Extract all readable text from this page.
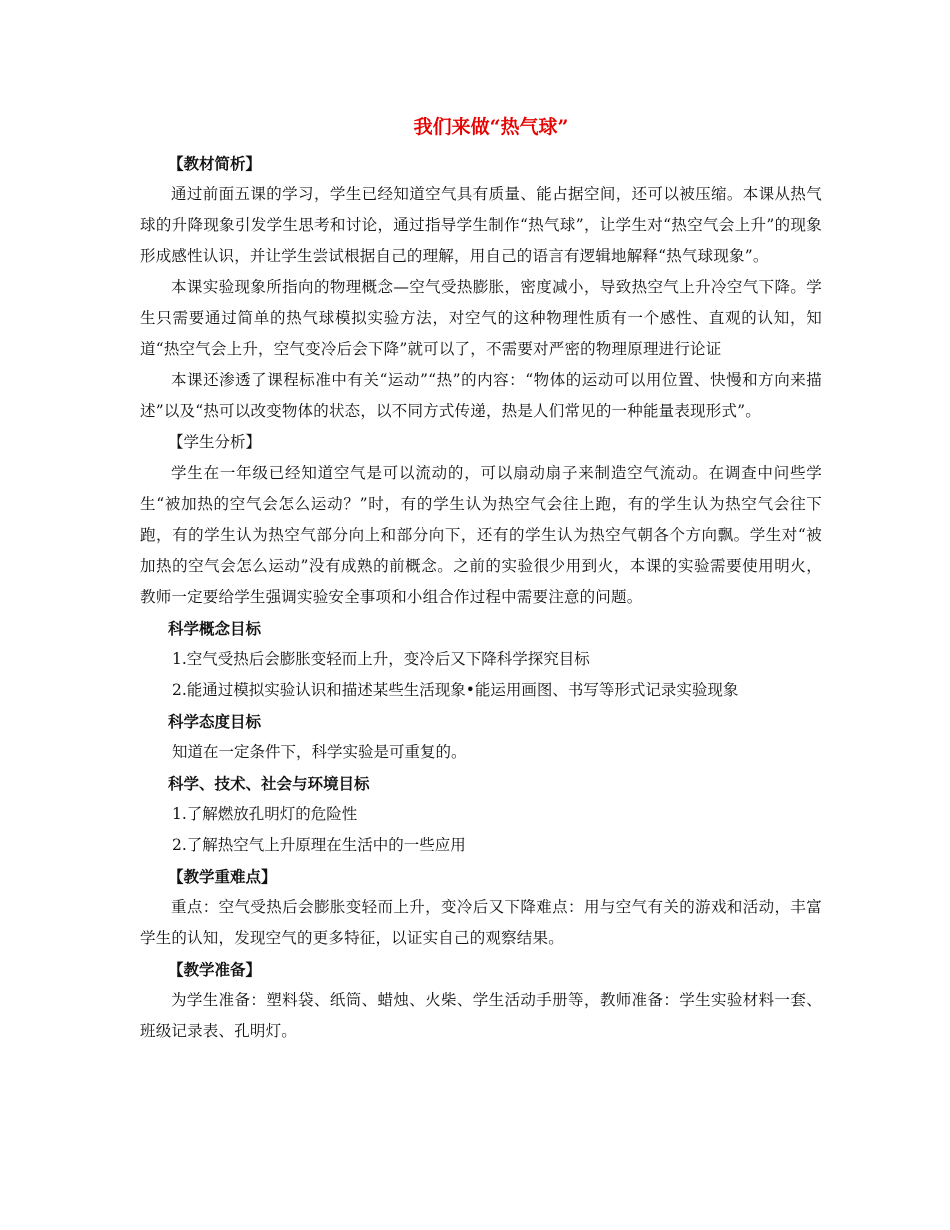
我们来做“热气球”

【教材简析】

通过前面五课的学习，学生已经知道空气具有质量、能占据空间，还可以被压缩。本课从热气球的升降现象引发学生思考和讨论，通过指导学生制作“热气球”，让学生对“热空气会上升”的现象形成感性认识，并让学生尝试根据自己的理解，用自己的语言有逻辑地解释“热气球现象”。

本课实验现象所指向的物理概念—空气受热膨胀，密度减小，导致热空气上升冷空气下降。学生只需要通过简单的热气球模拟实验方法，对空气的这种物理性质有一个感性、直观的认知，知道“热空气会上升，空气变冷后会下降”就可以了，不需要对严密的物理原理进行论证

本课还渗透了课程标准中有关“运动”“热”的内容：“物体的运动可以用位置、快慢和方向来描述”以及“热可以改变物体的状态，以不同方式传递，热是人们常见的一种能量表现形式”。

【学生分析】

学生在一年级已经知道空气是可以流动的，可以扇动扇子来制造空气流动。在调查中问些学生“被加热的空气会怎么运动？”时，有的学生认为热空气会往上跑，有的学生认为热空气会往下跑，有的学生认为热空气部分向上和部分向下，还有的学生认为热空气朝各个方向飘。学生对“被加热的空气会怎么运动”没有成熟的前概念。之前的实验很少用到火，本课的实验需要使用明火，教师一定要给学生强调实验安全事项和小组合作过程中需要注意的问题。

科学概念目标

1.空气受热后会膨胀变轻而上升，变冷后又下降科学探究目标

2.能通过模拟实验认识和描述某些生活现象•能运用画图、书写等形式记录实验现象

科学态度目标

知道在一定条件下，科学实验是可重复的。

科学、技术、社会与环境目标

1.了解燃放孔明灯的危险性

2.了解热空气上升原理在生活中的一些应用

【教学重难点】

重点：空气受热后会膨胀变轻而上升，变冷后又下降难点：用与空气有关的游戏和活动，丰富学生的认知，发现空气的更多特征，以证实自己的观察结果。

【教学准备】

为学生准备：塑料袋、纸筒、蜡烛、火柴、学生活动手册等，教师准备：学生实验材料一套、班级记录表、孔明灯。
